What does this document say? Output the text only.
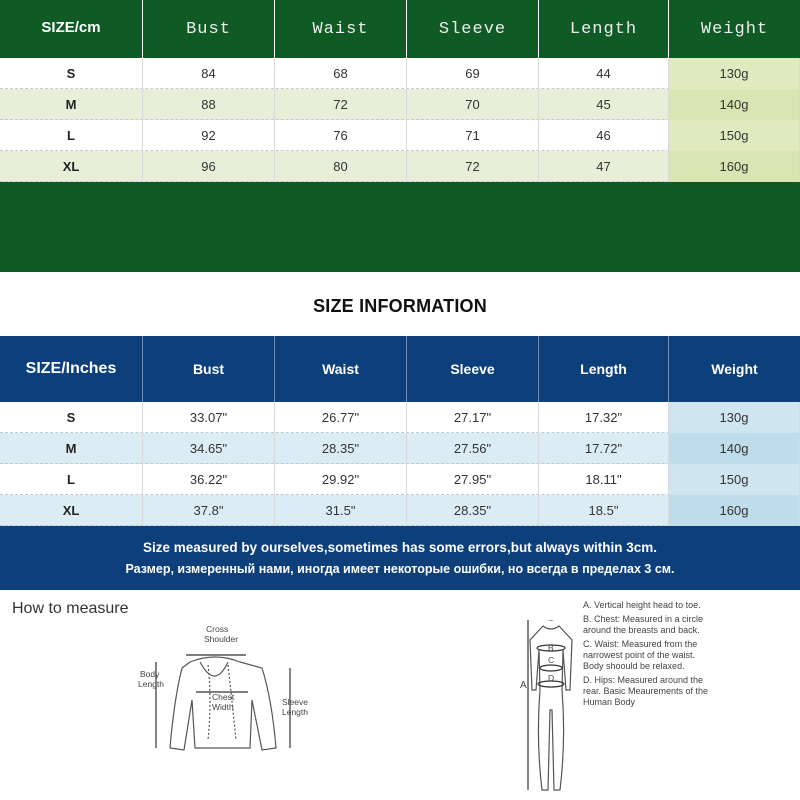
SIZE/cm	Bust	Waist	Sleeve	Length	Weight
S	84	68	69	44	130g
M	88	72	70	45	140g
L	92	76	71	46	150g
XL	96	80	72	47	160g
SIZE INFORMATION
SIZE/Inches	Bust	Waist	Sleeve	Length	Weight
S	33.07"	26.77"	27.17"	17.32"	130g
M	34.65"	28.35"	27.56"	17.72"	140g
L	36.22"	29.92"	27.95"	18.11"	150g
XL	37.8"	31.5"	28.35"	18.5"	160g
Size measured by ourselves,sometimes has some errors,but always within 3cm.
Размер, измеренный нами, иногда имеет некоторые ошибки, но всегда в пределах 3 см.
How to measure
Cross
Shoulder
Body
Length
Chest
Width	Sleeve
Length
A
B
C
D

A. Vertical height head to toe.

B. Chest: Measured in a circle around the breasts and back.

C. Waist: Measured from the narrowest point of the waist. Body shoould be relaxed.

D. Hips: Measured around the rear. Basic Meaurements of the Human Body
